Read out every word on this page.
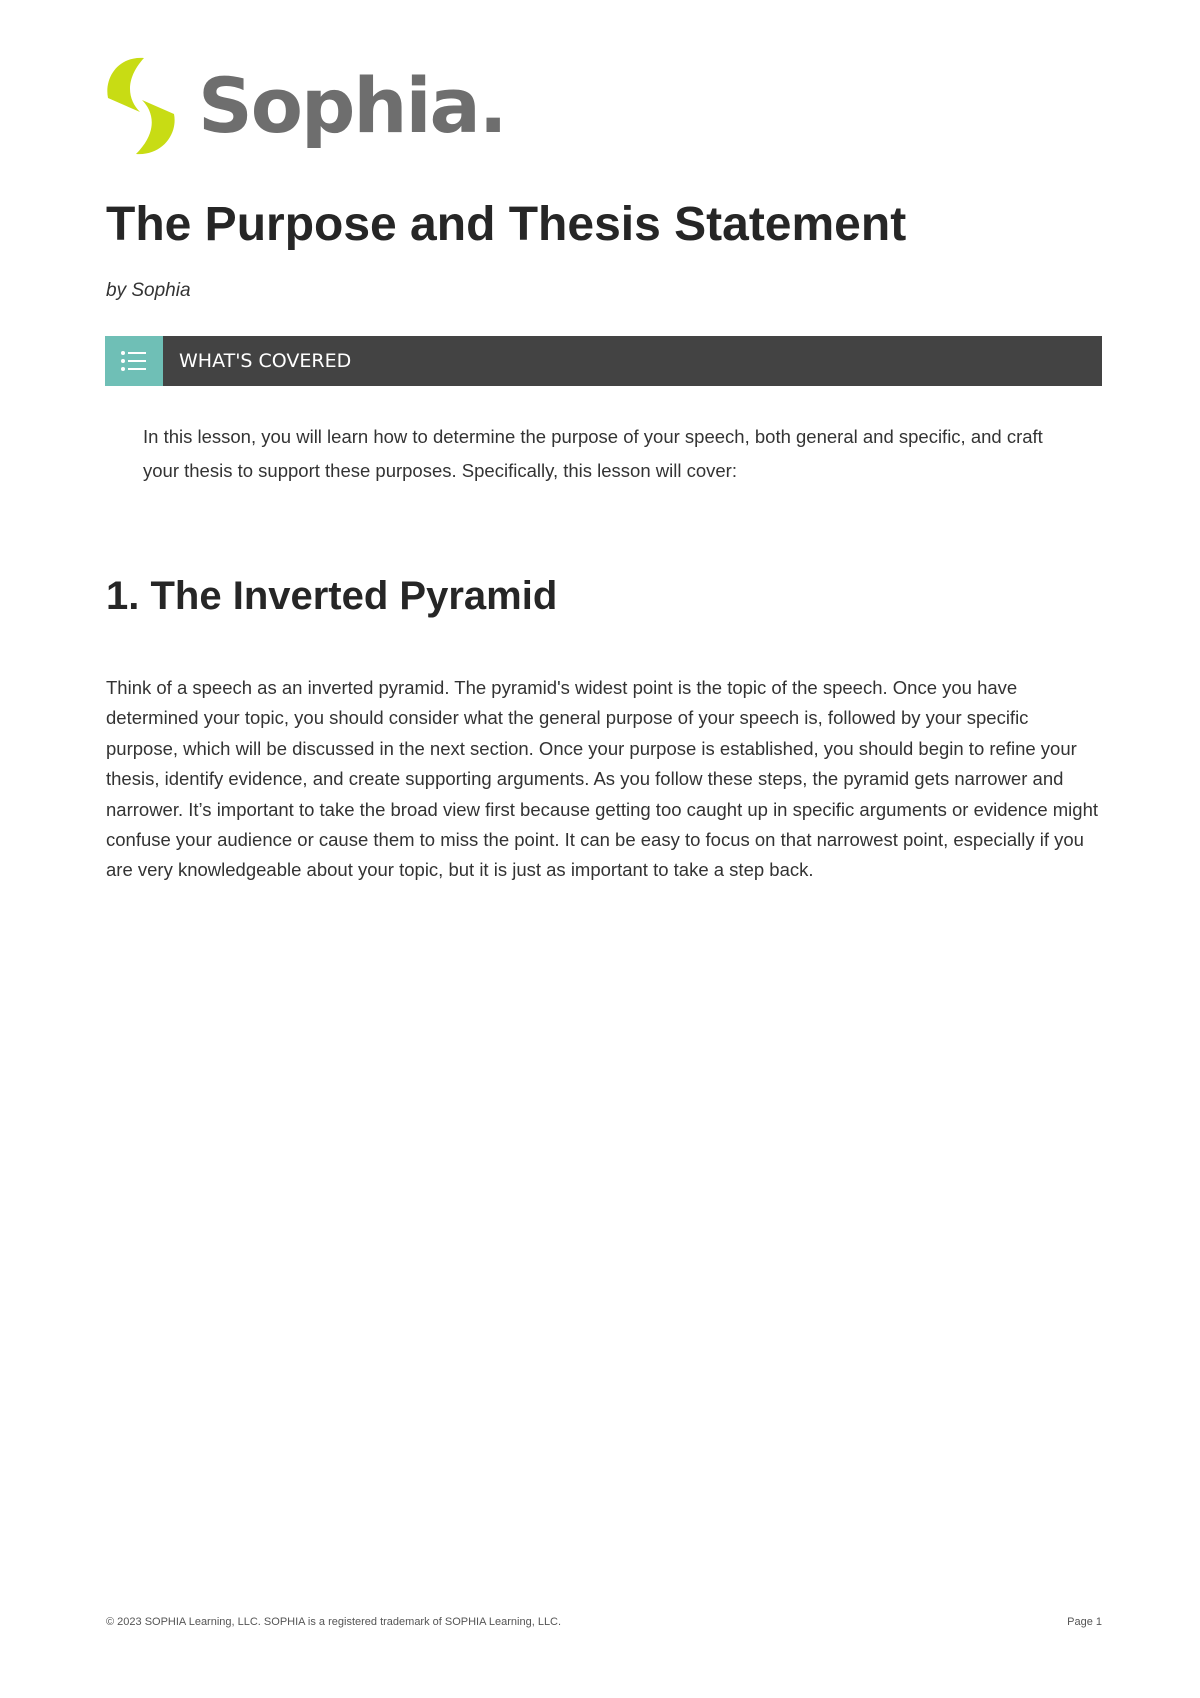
Sophia.
The Purpose and Thesis Statement
by Sophia
WHAT'S COVERED

In this lesson, you will learn how to determine the purpose of your speech, both general and specific, and craft your thesis to support these purposes. Specifically, this lesson will cover:

1. The Inverted Pyramid

Think of a speech as an inverted pyramid. The pyramid's widest point is the topic of the speech. Once you have determined your topic, you should consider what the general purpose of your speech is, followed by your specific purpose, which will be discussed in the next section. Once your purpose is established, you should begin to refine your thesis, identify evidence, and create supporting arguments. As you follow these steps, the pyramid gets narrower and narrower. It’s important to take the broad view first because getting too caught up in specific arguments or evidence might confuse your audience or cause them to miss the point. It can be easy to focus on that narrowest point, especially if you are very knowledgeable about your topic, but it is just as important to take a step back.

© 2023 SOPHIA Learning, LLC. SOPHIA is a registered trademark of SOPHIA Learning, LLC.	Page 1
